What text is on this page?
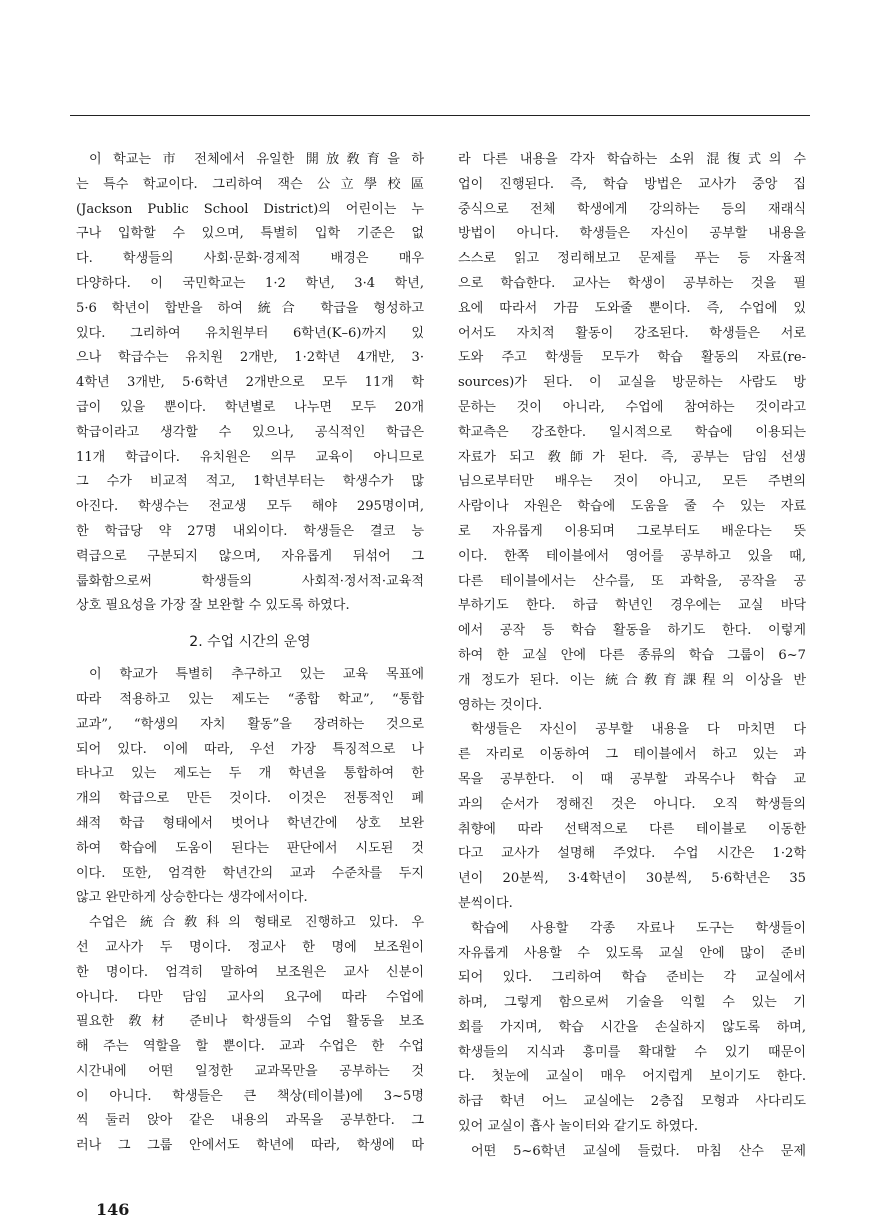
이 학교는 市 전체에서 유일한 開放敎育을 하
는 특수 학교이다. 그리하여 잭슨 公立學校區
(Jackson Public School District)의 어린이는 누
구나 입학할 수 있으며, 특별히 입학 기준은 없
다. 학생들의 사회·문화·경제적 배경은 매우
다양하다. 이 국민학교는 1·2 학년, 3·4 학년,
5·6 학년이 합반을 하여 統合 학급을 형성하고
있다. 그리하여 유치원부터 6학년(K–6)까지 있
으나 학급수는 유치원 2개반, 1·2학년 4개반, 3·
4학년 3개반, 5·6학년 2개반으로 모두 11개 학
급이 있을 뿐이다. 학년별로 나누면 모두 20개
학급이라고 생각할 수 있으나, 공식적인 학급은
11개 학급이다. 유치원은 의무 교육이 아니므로
그 수가 비교적 적고, 1학년부터는 학생수가 많
아진다. 학생수는 전교생 모두 해야 295명이며,
한 학급당 약 27명 내외이다. 학생들은 결코 능
력급으로 구분되지 않으며, 자유롭게 뒤섞어 그
룹화함으로써 학생들의 사회적·정서적·교육적
상호 필요성을 가장 잘 보완할 수 있도록 하였다.
2. 수업 시간의 운영
이 학교가 특별히 추구하고 있는 교육 목표에
따라 적용하고 있는 제도는 “종합 학교”, “통합
교과”, “학생의 자치 활동”을 장려하는 것으로
되어 있다. 이에 따라, 우선 가장 특징적으로 나
타나고 있는 제도는 두 개 학년을 통합하여 한
개의 학급으로 만든 것이다. 이것은 전통적인 폐
쇄적 학급 형태에서 벗어나 학년간에 상호 보완
하여 학습에 도움이 된다는 판단에서 시도된 것
이다. 또한, 엄격한 학년간의 교과 수준차를 두지
않고 완만하게 상승한다는 생각에서이다.
수업은 統合敎科의 형태로 진행하고 있다. 우
선 교사가 두 명이다. 정교사 한 명에 보조원이
한 명이다. 엄격히 말하여 보조원은 교사 신분이
아니다. 다만 담임 교사의 요구에 따라 수업에
필요한 敎材 준비나 학생들의 수업 활동을 보조
해 주는 역할을 할 뿐이다. 교과 수업은 한 수업
시간내에 어떤 일정한 교과목만을 공부하는 것
이 아니다. 학생들은 큰 책상(테이블)에 3~5명
씩 둘러 앉아 같은 내용의 과목을 공부한다. 그
러나 그 그룹 안에서도 학년에 따라, 학생에 따
라 다른 내용을 각자 학습하는 소위 混復式의 수
업이 진행된다. 즉, 학습 방법은 교사가 중앙 집
중식으로 전체 학생에게 강의하는 등의 재래식
방법이 아니다. 학생들은 자신이 공부할 내용을
스스로 읽고 정리해보고 문제를 푸는 등 자율적
으로 학습한다. 교사는 학생이 공부하는 것을 필
요에 따라서 가끔 도와줄 뿐이다. 즉, 수업에 있
어서도 자치적 활동이 강조된다. 학생들은 서로
도와 주고 학생들 모두가 학습 활동의 자료(re-
sources)가 된다. 이 교실을 방문하는 사람도 방
문하는 것이 아니라, 수업에 참여하는 것이라고
학교측은 강조한다. 일시적으로 학습에 이용되는
자료가 되고 敎師가 된다. 즉, 공부는 담임 선생
님으로부터만 배우는 것이 아니고, 모든 주변의
사람이나 자원은 학습에 도움을 줄 수 있는 자료
로 자유롭게 이용되며 그로부터도 배운다는 뜻
이다. 한쪽 테이블에서 영어를 공부하고 있을 때,
다른 테이블에서는 산수를, 또 과학을, 공작을 공
부하기도 한다. 하급 학년인 경우에는 교실 바닥
에서 공작 등 학습 활동을 하기도 한다. 이렇게
하여 한 교실 안에 다른 종류의 학습 그룹이 6~7
개 정도가 된다. 이는 統合敎育課程의 이상을 반
영하는 것이다.
학생들은 자신이 공부할 내용을 다 마치면 다
른 자리로 이동하여 그 테이블에서 하고 있는 과
목을 공부한다. 이 때 공부할 과목수나 학습 교
과의 순서가 정해진 것은 아니다. 오직 학생들의
취향에 따라 선택적으로 다른 테이블로 이동한
다고 교사가 설명해 주었다. 수업 시간은 1·2학
년이 20분씩, 3·4학년이 30분씩, 5·6학년은 35
분씩이다.
학습에 사용할 각종 자료나 도구는 학생들이
자유롭게 사용할 수 있도록 교실 안에 많이 준비
되어 있다. 그리하여 학습 준비는 각 교실에서
하며, 그렇게 함으로써 기술을 익힐 수 있는 기
회를 가지며, 학습 시간을 손실하지 않도록 하며,
학생들의 지식과 흥미를 확대할 수 있기 때문이
다. 첫눈에 교실이 매우 어지럽게 보이기도 한다.
하급 학년 어느 교실에는 2층집 모형과 사다리도
있어 교실이 흡사 놀이터와 같기도 하였다.
어떤 5~6학년 교실에 들렀다. 마침 산수 문제
146
